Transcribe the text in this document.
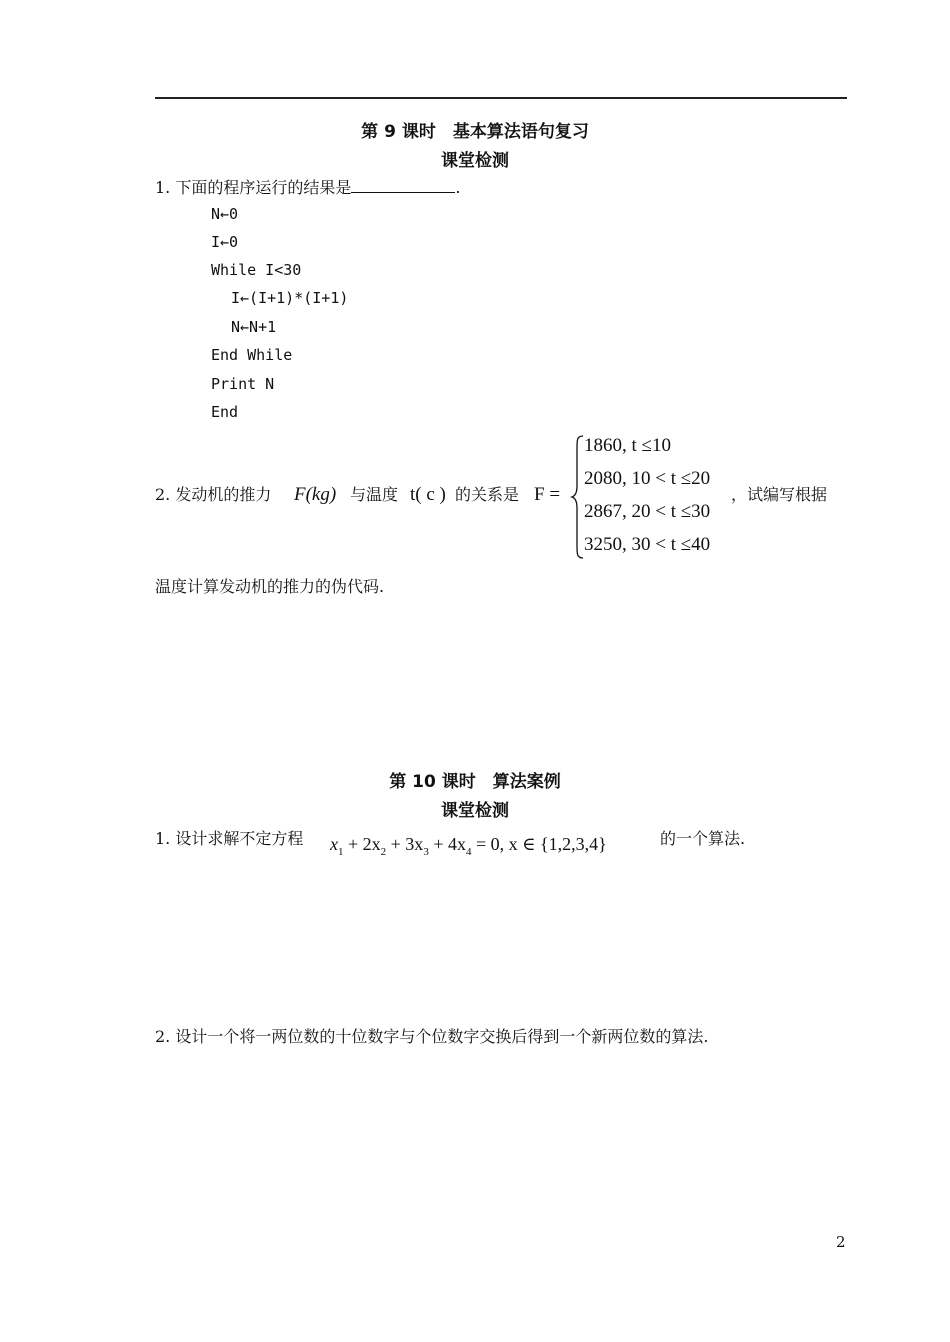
第 9 课时　基本算法语句复习
课堂检测
1. 下面的程序运行的结果是	.
N←0
I←0
While I<30
I←(I+1)*(I+1)
N←N+1
End While
Print N
End
2. 发动机的推力 F(kg) 与温度 t( c ) 的关系是 F =
1860, t ≤10
2080, 10 < t ≤20
2867, 20 < t ≤30
3250, 30 < t ≤40
，试编写根据
温度计算发动机的推力的伪代码.
第 10 课时　算法案例
课堂检测
1. 设计求解不定方程 $x_1 + 2x_2 + 3x_3 + 4x_4 = 0$, x ∈ {1,2,3,4}	的一个算法.
2. 设计一个将一两位数的十位数字与个位数字交换后得到一个新两位数的算法.
2
